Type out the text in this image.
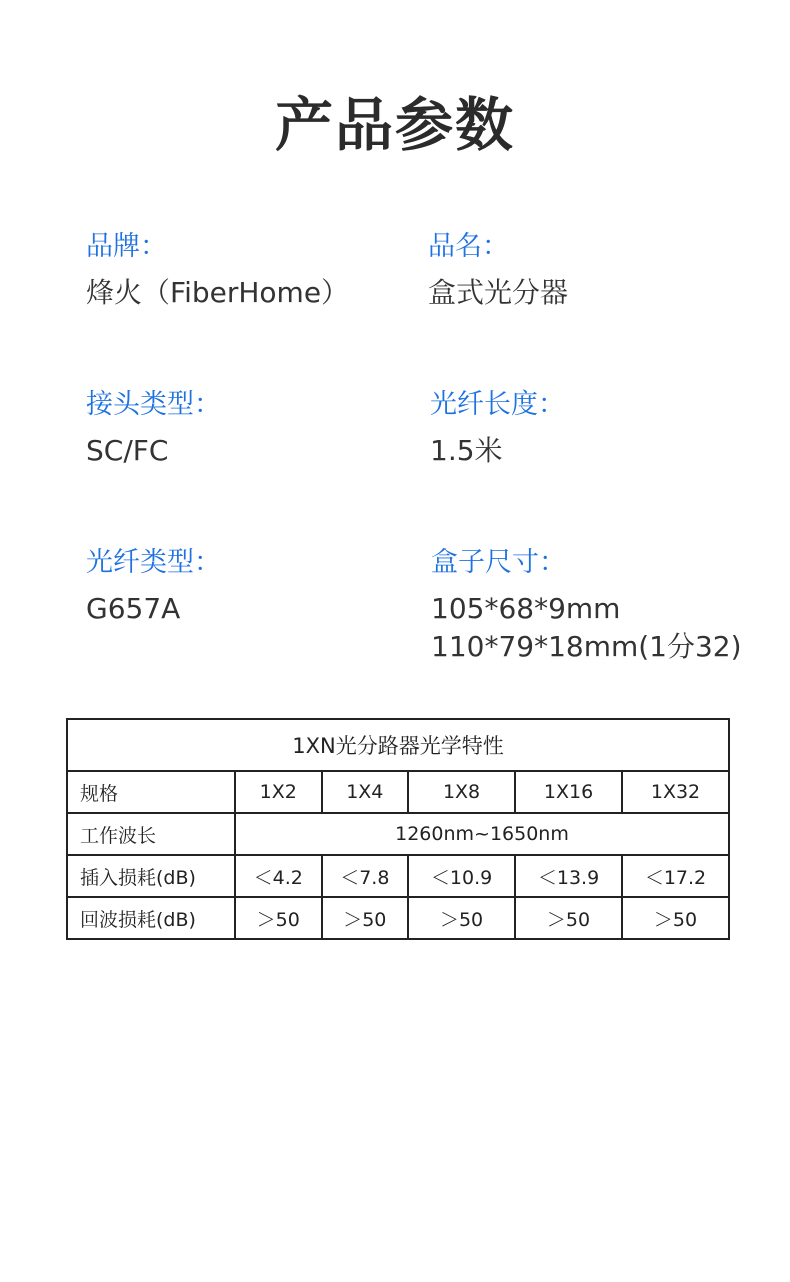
产品参数
品牌：
烽火（FiberHome）
品名：
盒式光分器
接头类型：
SC/FC
光纤长度：
1.5米
光纤类型：
G657A
盒子尺寸：
105*68*9mm
110*79*18mm(1分32)
1XN光分路器光学特性					
规格	1X2	1X4	1X8	1X16	1X32
工作波长	1260nm~1650nm				
插入损耗(dB)	＜4.2	＜7.8	＜10.9	＜13.9	＜17.2
回波损耗(dB)	＞50	＞50	＞50	＞50	＞50
